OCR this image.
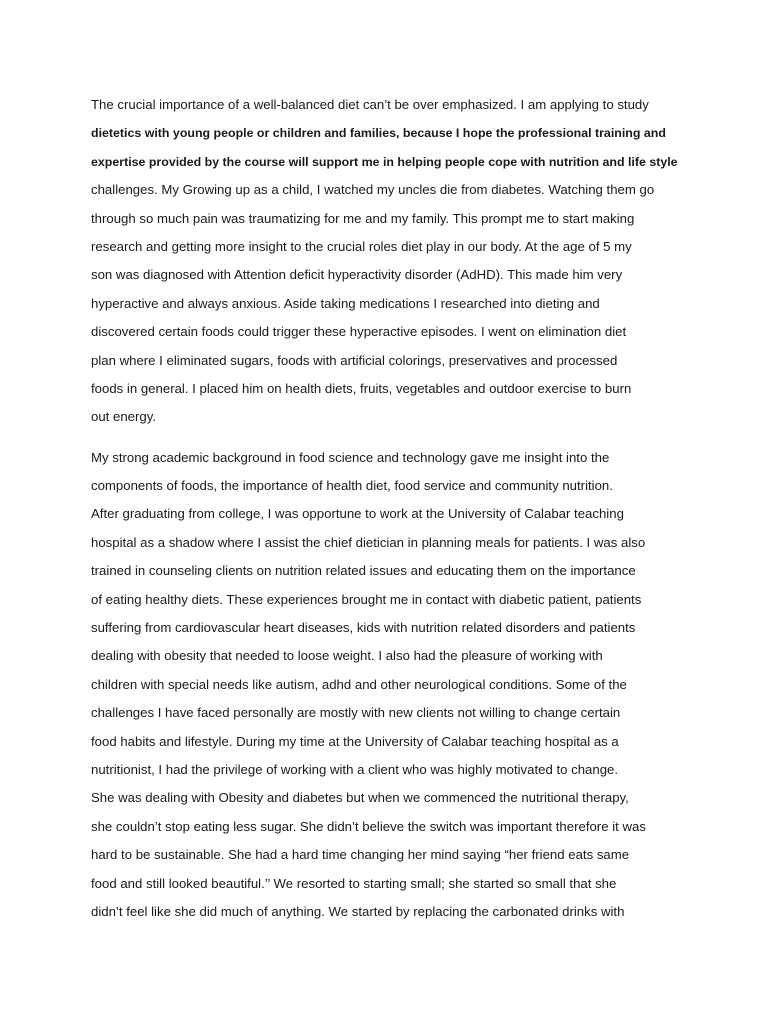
The crucial importance of a well-balanced diet can’t be over emphasized. I am applying to study
dietetics with young people or children and families, because I hope the professional training and
expertise provided by the course will support me in helping people cope with nutrition and life style
challenges. My Growing up as a child, I watched my uncles die from diabetes. Watching them go
through so much pain was traumatizing for me and my family. This prompt me to start making
research and getting more insight to the crucial roles diet play in our body. At the age of 5 my
son was diagnosed with Attention deficit hyperactivity disorder (AdHD). This made him very
hyperactive and always anxious. Aside taking medications I researched into dieting and
discovered certain foods could trigger these hyperactive episodes. I went on elimination diet
plan where I eliminated sugars, foods with artificial colorings, preservatives and processed
foods in general. I placed him on health diets, fruits, vegetables and outdoor exercise to burn
out energy.
My strong academic background in food science and technology gave me insight into the
components of foods, the importance of health diet, food service and community nutrition.
After graduating from college, I was opportune to work at the University of Calabar teaching
hospital as a shadow where I assist the chief dietician in planning meals for patients. I was also
trained in counseling clients on nutrition related issues and educating them on the importance
of eating healthy diets. These experiences brought me in contact with diabetic patient, patients
suffering from cardiovascular heart diseases, kids with nutrition related disorders and patients
dealing with obesity that needed to loose weight. I also had the pleasure of working with
children with special needs like autism, adhd and other neurological conditions. Some of the
challenges I have faced personally are mostly with new clients not willing to change certain
food habits and lifestyle. During my time at the University of Calabar teaching hospital as a
nutritionist, I had the privilege of working with a client who was highly motivated to change.
She was dealing with Obesity and diabetes but when we commenced the nutritional therapy,
she couldn’t stop eating less sugar. She didn’t believe the switch was important therefore it was
hard to be sustainable. She had a hard time changing her mind saying “her friend eats same
food and still looked beautiful.’’ We resorted to starting small; she started so small that she
didn’t feel like she did much of anything. We started by replacing the carbonated drinks with
